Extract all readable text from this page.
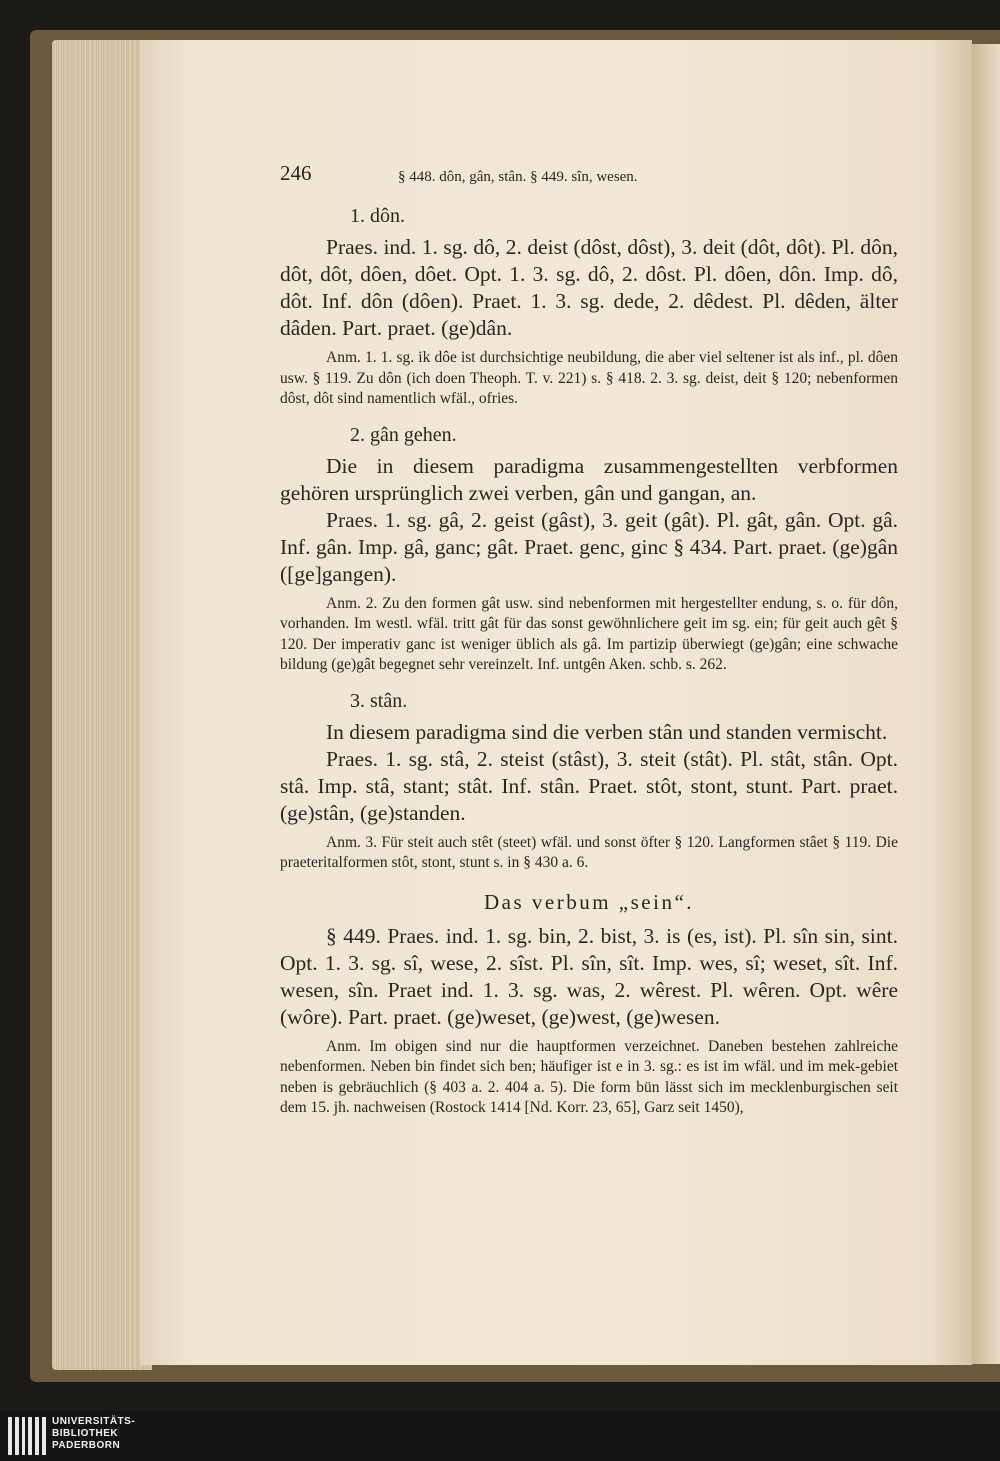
246	§ 448. dôn, gân, stân. § 449. sîn, wesen.
1. dôn.

Praes. ind. 1. sg. dô, 2. deist (dôst, dôst), 3. deit (dôt, dôt). Pl. dôn, dôt, dôt, dôen, dôet. Opt. 1. 3. sg. dô, 2. dôst. Pl. dôen, dôn. Imp. dô, dôt. Inf. dôn (dôen). Praet. 1. 3. sg. dede, 2. dêdest. Pl. dêden, älter dâden. Part. praet. (ge)dân.

Anm. 1. 1. sg. ik dôe ist durchsichtige neubildung, die aber viel seltener ist als inf., pl. dôen usw. § 119. Zu dôn (ich doen Theoph. T. v. 221) s. § 418. 2. 3. sg. deist, deit § 120; nebenformen dôst, dôt sind namentlich wfäl., ofries.

2. gân gehen.

Die in diesem paradigma zusammengestellten verbformen gehören ursprünglich zwei verben, gân und gangan, an.

Praes. 1. sg. gâ, 2. geist (gâst), 3. geit (gât). Pl. gât, gân. Opt. gâ. Inf. gân. Imp. gâ, ganc; gât. Praet. genc, ginc § 434. Part. praet. (ge)gân ([ge]gangen).

Anm. 2. Zu den formen gât usw. sind nebenformen mit hergestellter endung, s. o. für dôn, vorhanden. Im westl. wfäl. tritt gât für das sonst gewöhnlichere geit im sg. ein; für geit auch gêt § 120. Der imperativ ganc ist weniger üblich als gâ. Im partizip überwiegt (ge)gân; eine schwache bildung (ge)gât begegnet sehr vereinzelt. Inf. untgên Aken. schb. s. 262.

3. stân.

In diesem paradigma sind die verben stân und standen vermischt.

Praes. 1. sg. stâ, 2. steist (stâst), 3. steit (stât). Pl. stât, stân. Opt. stâ. Imp. stâ, stant; stât. Inf. stân. Praet. stôt, stont, stunt. Part. praet. (ge)stân, (ge)standen.

Anm. 3. Für steit auch stêt (steet) wfäl. und sonst öfter § 120. Langformen stâet § 119. Die praeteritalformen stôt, stont, stunt s. in § 430 a. 6.

Das verbum „sein“.

§ 449. Praes. ind. 1. sg. bin, 2. bist, 3. is (es, ist). Pl. sîn sin, sint. Opt. 1. 3. sg. sî, wese, 2. sîst. Pl. sîn, sît. Imp. wes, sî; weset, sît. Inf. wesen, sîn. Praet ind. 1. 3. sg. was, 2. wêrest. Pl. wêren. Opt. wêre (wôre). Part. praet. (ge)weset, (ge)west, (ge)wesen.

Anm. Im obigen sind nur die hauptformen verzeichnet. Daneben bestehen zahlreiche nebenformen. Neben bin findet sich ben; häufiger ist e in 3. sg.: es ist im wfäl. und im mek-gebiet neben is gebräuchlich (§ 403 a. 2. 404 a. 5). Die form bün lässt sich im mecklenburgischen seit dem 15. jh. nachweisen (Rostock 1414 [Nd. Korr. 23, 65], Garz seit 1450),

UNIVERSITÄTS-
BIBLIOTHEK
PADERBORN
